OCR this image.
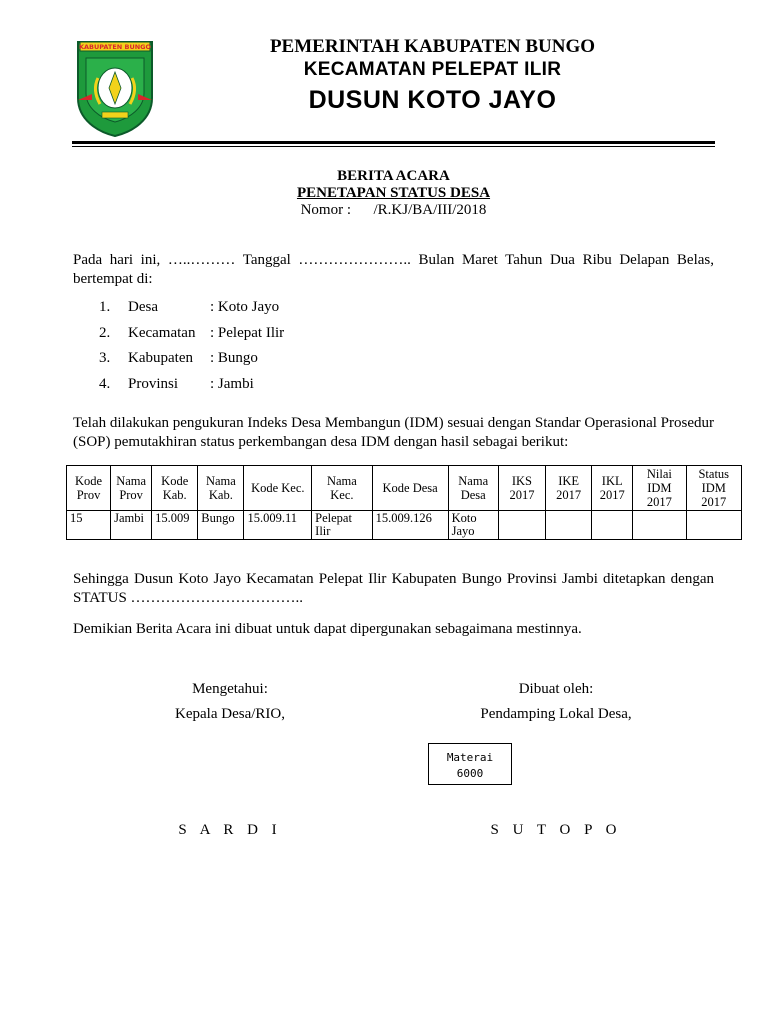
KABUPATEN BUNGO	PEMERINTAH KABUPATEN BUNGO
KECAMATAN PELEPAT ILIR
DUSUN KOTO JAYO
BERITA ACARA
PENETAPAN STATUS DESA
Nomor :      /R.KJ/BA/III/2018
Pada hari ini, …..……… Tanggal ………………….. Bulan Maret Tahun Dua Ribu Delapan Belas, bertempat di:
1. Desa	: Koto Jayo
2. Kecamatan : Pelepat Ilir
3. Kabupaten : Bungo
4. Provinsi : Jambi
Telah dilakukan pengukuran Indeks Desa Membangun (IDM) sesuai dengan Standar Operasional Prosedur (SOP) pemutakhiran status perkembangan desa IDM dengan hasil sebagai berikut:
Kode Prov	Nama Prov	Kode Kab.	Nama Kab.	Kode Kec.	Nama Kec.	Kode Desa	Nama Desa	IKS 2017	IKE 2017	IKL 2017	Nilai IDM 2017	Status IDM 2017
15	Jambi	15.009	Bungo	15.009.11	Pelepat Ilir	15.009.126	Koto Jayo					
Sehingga Dusun Koto Jayo Kecamatan Pelepat Ilir Kabupaten Bungo Provinsi Jambi ditetapkan dengan STATUS ……………………………..
Demikian Berita Acara ini dibuat untuk dapat dipergunakan sebagaimana mestinnya.
Mengetahui:
Kepala Desa/RIO,
S A R D I
Dibuat oleh:
Pendamping Lokal Desa,
S U T O P O
Materai
6000
